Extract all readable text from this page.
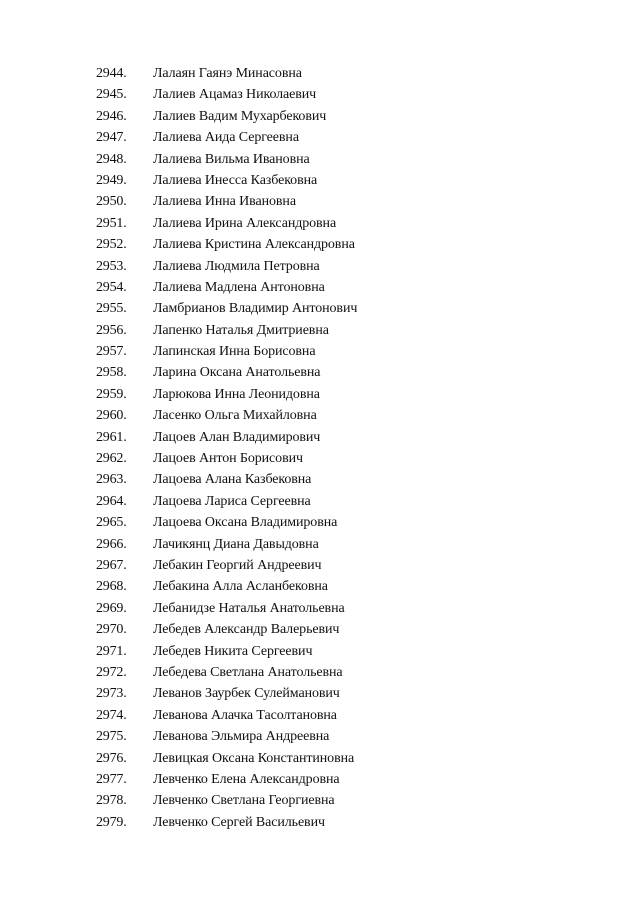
2944. Лалаян Гаянэ Минасовна
2945. Лалиев Ацамаз Николаевич
2946. Лалиев Вадим Мухарбекович
2947. Лалиева Аида Сергеевна
2948. Лалиева Вильма Ивановна
2949. Лалиева Инесса Казбековна
2950. Лалиева Инна Ивановна
2951. Лалиева Ирина Александровна
2952. Лалиева Кристина Александровна
2953. Лалиева Людмила Петровна
2954. Лалиева Мадлена Антоновна
2955. Ламбрианов Владимир Антонович
2956. Лапенко Наталья Дмитриевна
2957. Лапинская Инна Борисовна
2958. Ларина Оксана Анатольевна
2959. Ларюкова Инна Леонидовна
2960. Ласенко Ольга Михайловна
2961. Лацоев Алан Владимирович
2962. Лацоев Антон Борисович
2963. Лацоева Алана Казбековна
2964. Лацоева Лариса Сергеевна
2965. Лацоева Оксана Владимировна
2966. Лачикянц Диана Давыдовна
2967. Лебакин Георгий Андреевич
2968. Лебакина Алла Асланбековна
2969. Лебанидзе Наталья Анатольевна
2970. Лебедев Александр Валерьевич
2971. Лебедев Никита Сергеевич
2972. Лебедева Светлана Анатольевна
2973. Леванов Заурбек Сулейманович
2974. Леванова Алачка Тасолтановна
2975. Леванова Эльмира Андреевна
2976. Левицкая Оксана Константиновна
2977. Левченко Елена Александровна
2978. Левченко Светлана Георгиевна
2979. Левченко Сергей Васильевич
